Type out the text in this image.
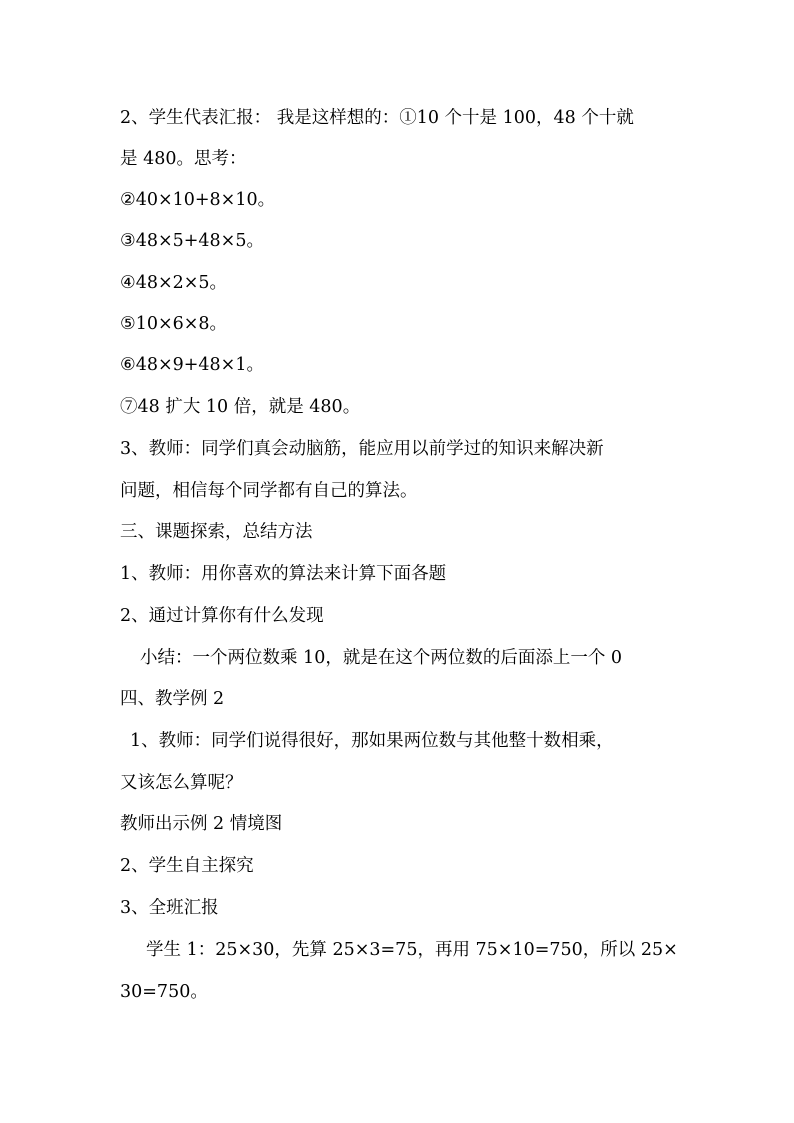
2、学生代表汇报： 我是这样想的：①10 个十是 100，48 个十就
是 480。思考：
②40×10+8×10。
③48×5+48×5。
④48×2×5。
⑤10×6×8。
⑥48×9+48×1。
⑦48 扩大 10 倍，就是 480。
3、教师：同学们真会动脑筋，能应用以前学过的知识来解决新
问题，相信每个同学都有自己的算法。
三、课题探索，总结方法
1、教师：用你喜欢的算法来计算下面各题
2、通过计算你有什么发现
小结：一个两位数乘 10，就是在这个两位数的后面添上一个 0
四、教学例 2
1、教师：同学们说得很好，那如果两位数与其他整十数相乘，
又该怎么算呢？
教师出示例 2 情境图
2、学生自主探究
3、全班汇报
学生 1：25×30，先算 25×3=75，再用 75×10=750，所以 25×
30=750。
